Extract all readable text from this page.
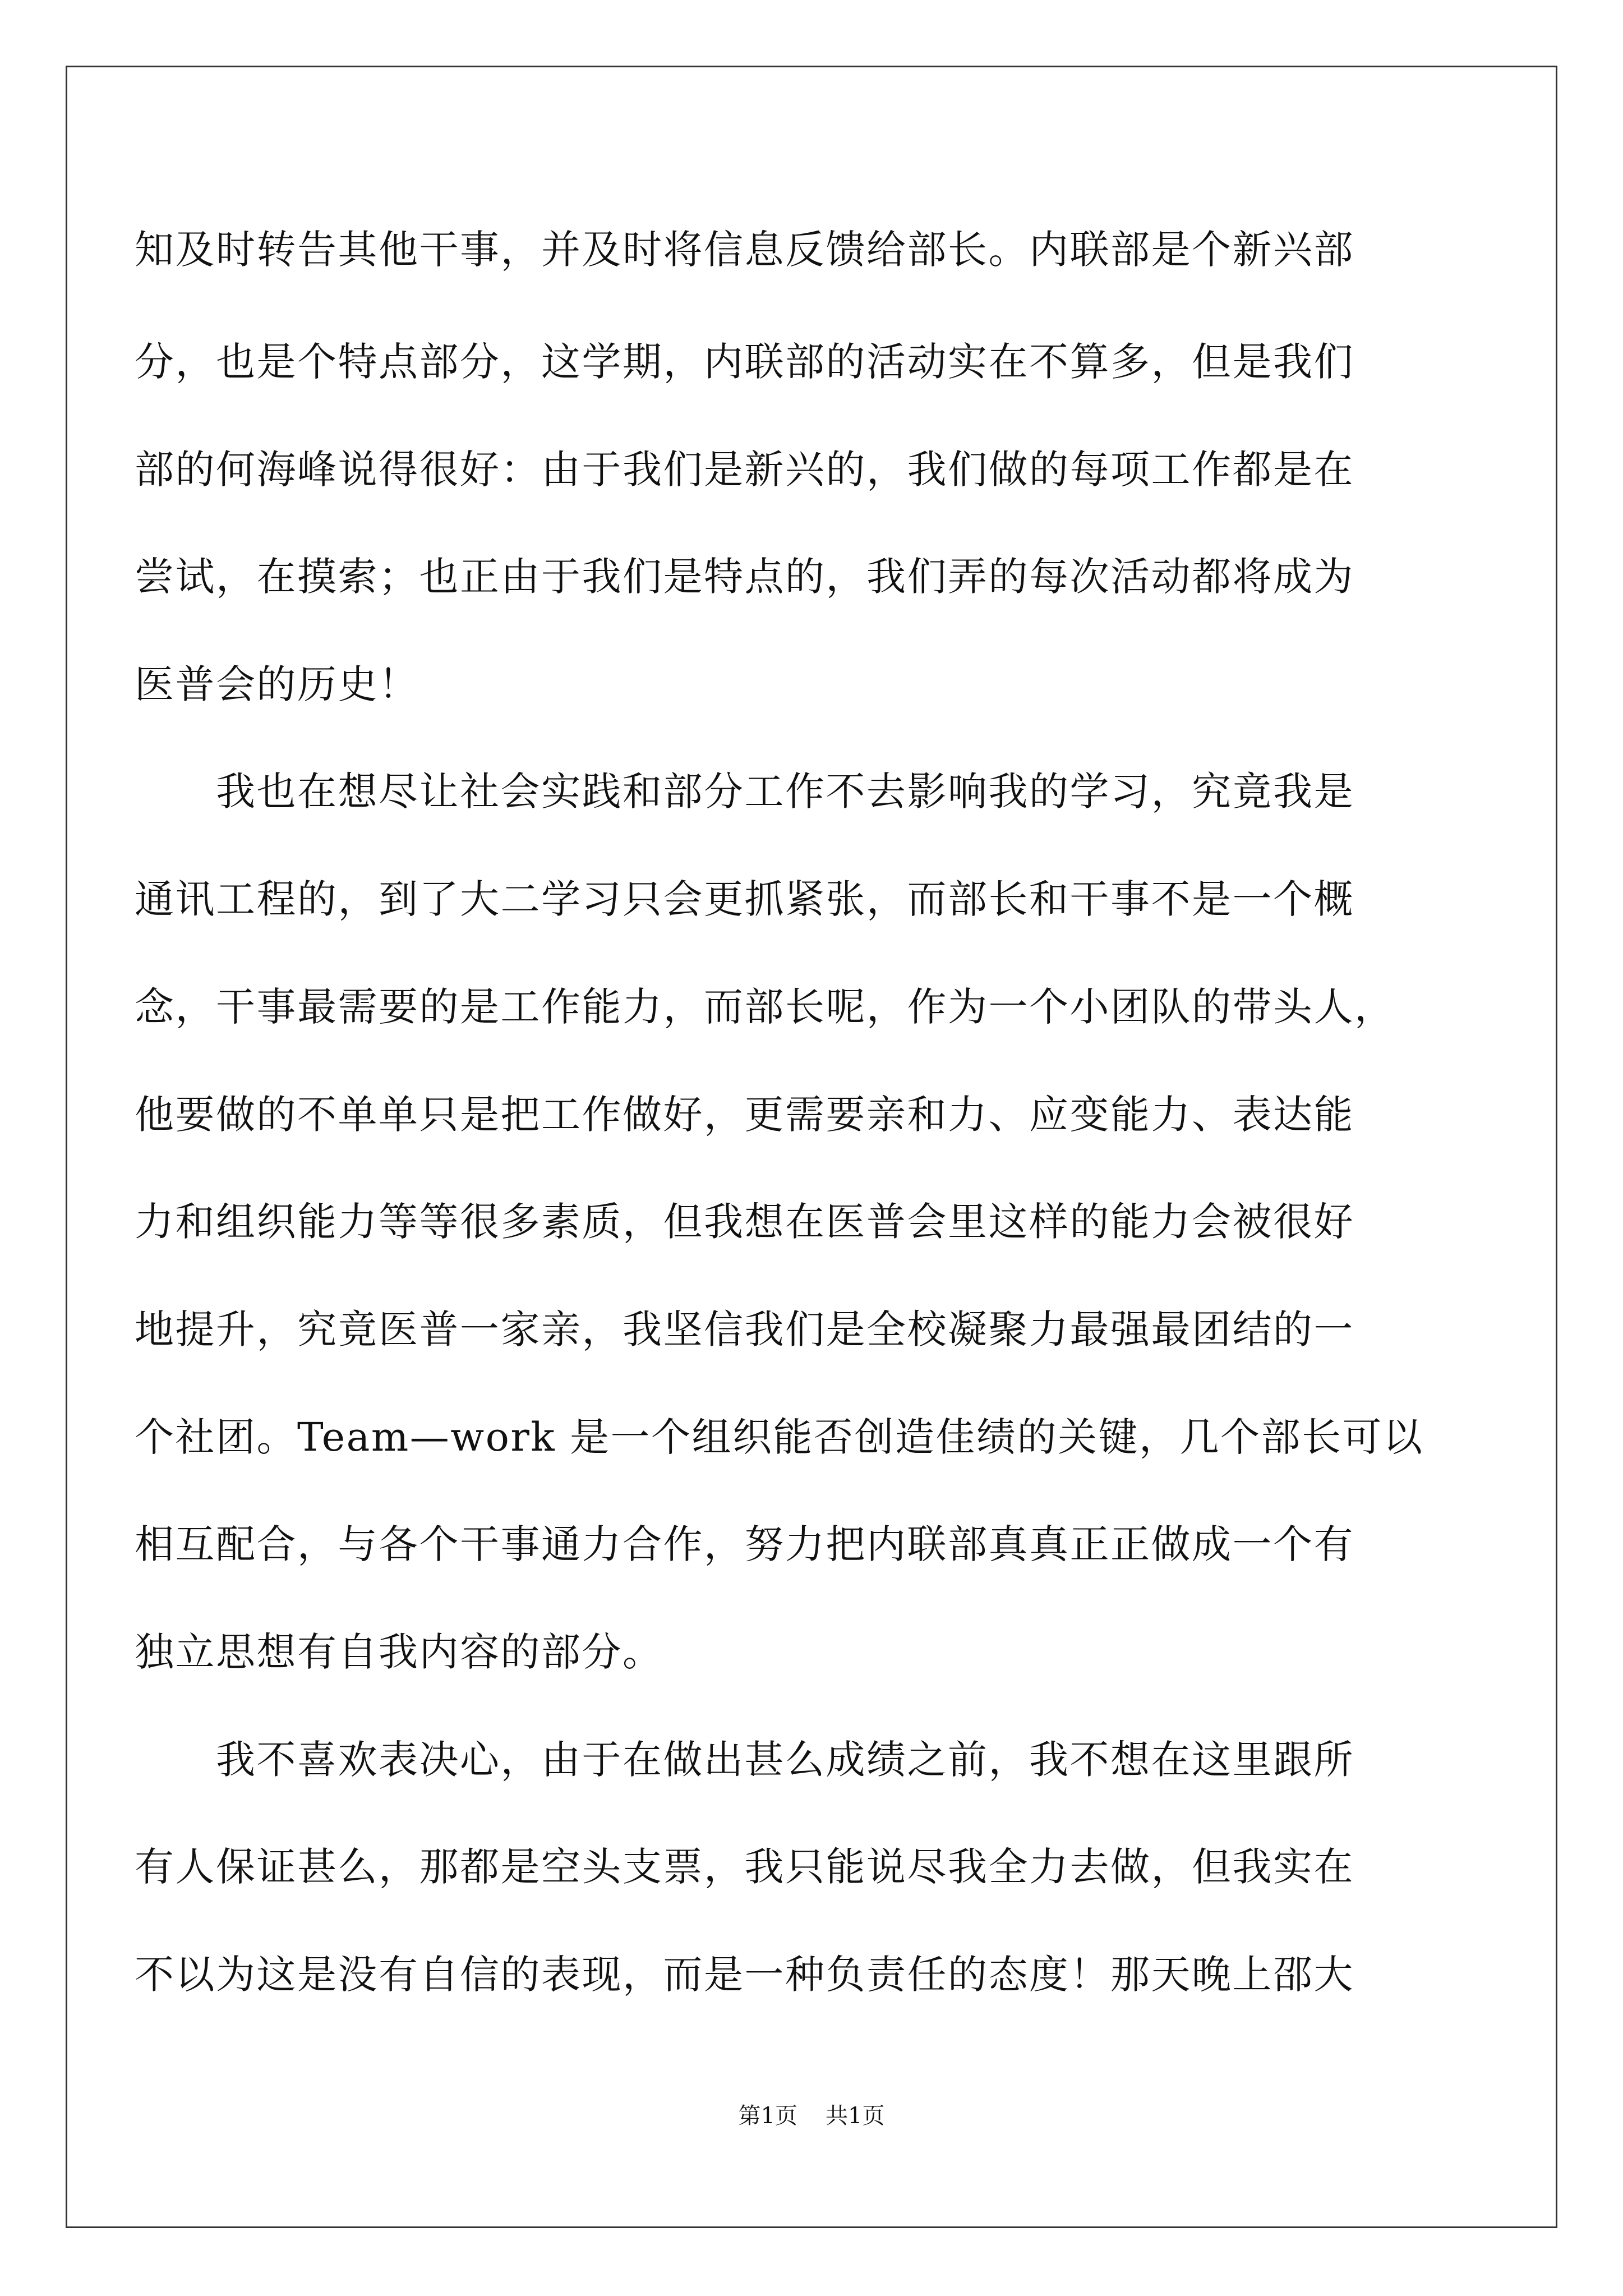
知及时转告其他干事，并及时将信息反馈给部长。内联部是个新兴部
分，也是个特点部分，这学期，内联部的活动实在不算多，但是我们
部的何海峰说得很好：由于我们是新兴的，我们做的每项工作都是在
尝试，在摸索；也正由于我们是特点的，我们弄的每次活动都将成为
医普会的历史！
我也在想尽让社会实践和部分工作不去影响我的学习，究竟我是
通讯工程的，到了大二学习只会更抓紧张，而部长和干事不是一个概
念，干事最需要的是工作能力，而部长呢，作为一个小团队的带头人，
他要做的不单单只是把工作做好，更需要亲和力、应变能力、表达能
力和组织能力等等很多素质，但我想在医普会里这样的能力会被很好
地提升，究竟医普一家亲，我坚信我们是全校凝聚力最强最团结的一
个社团。Team—work 是一个组织能否创造佳绩的关键，几个部长可以
相互配合，与各个干事通力合作，努力把内联部真真正正做成一个有
独立思想有自我内容的部分。
我不喜欢表决心，由于在做出甚么成绩之前，我不想在这里跟所
有人保证甚么，那都是空头支票，我只能说尽我全力去做，但我实在
不以为这是没有自信的表现，而是一种负责任的态度！那天晚上邵大
第1页 共1页
